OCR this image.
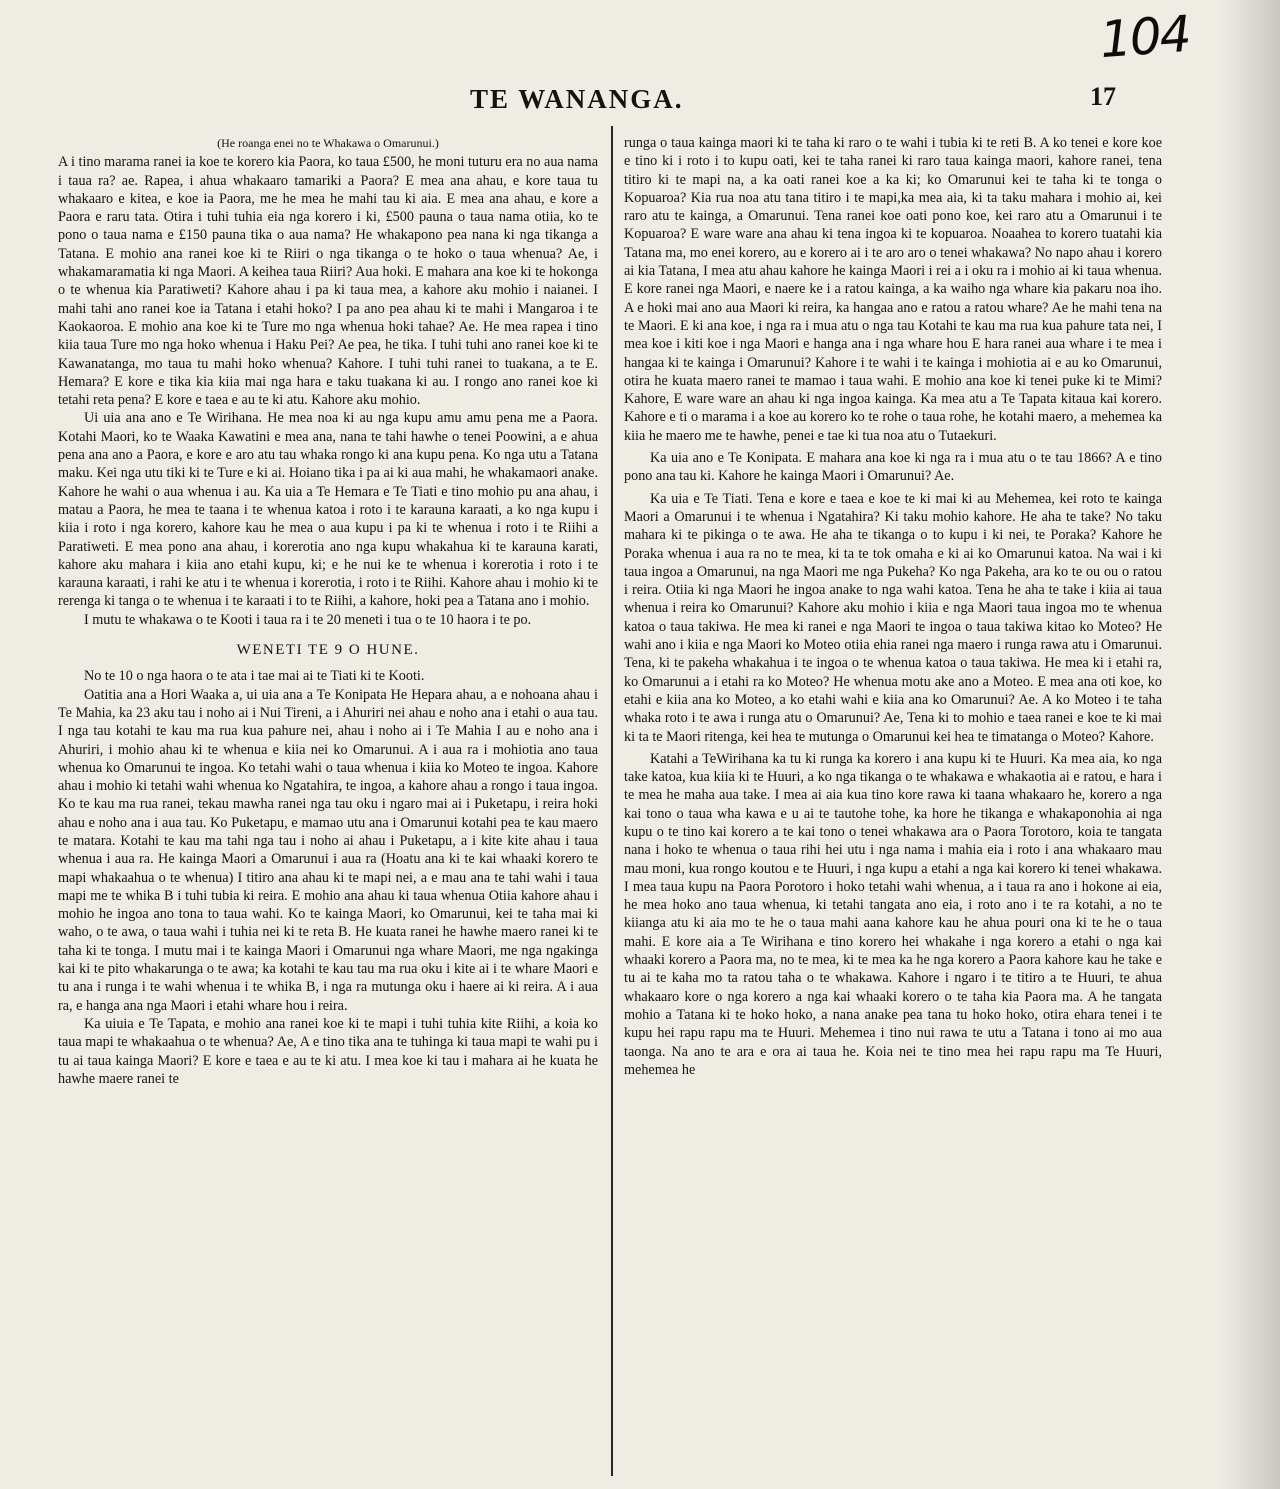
104
TE WANANGA.	17

(He roanga enei no te Whakawa o Omarunui.)

A i tino marama ranei ia koe te korero kia Paora, ko taua £500, he moni tuturu era no aua nama i taua ra? ae. Rapea, i ahua whakaaro tamariki a Paora? E mea ana ahau, e kore taua tu whakaaro e kitea, e koe ia Paora, me he mea he mahi tau ki aia. E mea ana ahau, e kore a Paora e raru tata. Otira i tuhi tuhia eia nga korero i ki, £500 pauna o taua nama otiia, ko te pono o taua nama e £150 pauna tika o aua nama? He whakapono pea nana ki nga tikanga a Tatana. E mohio ana ranei koe ki te Riiri o nga tikanga o te hoko o taua whenua? Ae, i whakamaramatia ki nga Maori. A keihea taua Riiri? Aua hoki. E mahara ana koe ki te hokonga o te whenua kia Paratiweti? Kahore ahau i pa ki taua mea, a kahore aku mohio i naianei. I mahi tahi ano ranei koe ia Tatana i etahi hoko? I pa ano pea ahau ki te mahi i Mangaroa i te Kaokaoroa. E mohio ana koe ki te Ture mo nga whenua hoki tahae? Ae. He mea rapea i tino kiia taua Ture mo nga hoko whenua i Haku Pei? Ae pea, he tika. I tuhi tuhi ano ranei koe ki te Kawanatanga, mo taua tu mahi hoko whenua? Kahore. I tuhi tuhi ranei to tuakana, a te E. Hemara? E kore e tika kia kiia mai nga hara e taku tuakana ki au. I rongo ano ranei koe ki tetahi reta pena? E kore e taea e au te ki atu. Kahore aku mohio.

Ui uia ana ano e Te Wirihana. He mea noa ki au nga kupu amu amu pena me a Paora. Kotahi Maori, ko te Waaka Kawatini e mea ana, nana te tahi hawhe o tenei Poowini, a e ahua pena ana ano a Paora, e kore e aro atu tau whaka rongo ki ana kupu pena. Ko nga utu a Tatana maku. Kei nga utu tiki ki te Ture e ki ai. Hoiano tika i pa ai ki aua mahi, he whakamaori anake. Kahore he wahi o aua whenua i au. Ka uia a Te Hemara e Te Tiati e tino mohio pu ana ahau, i matau a Paora, he mea te taana i te whenua katoa i roto i te karauna karaati, a ko nga kupu i kiia i roto i nga korero, kahore kau he mea o aua kupu i pa ki te whenua i roto i te Riihi a Paratiweti. E mea pono ana ahau, i korerotia ano nga kupu whakahua ki te karauna karati, kahore aku mahara i kiia ano etahi kupu, ki; e he nui ke te whenua i korerotia i roto i te karauna karaati, i rahi ke atu i te whenua i korerotia, i roto i te Riihi. Kahore ahau i mohio ki te rerenga ki tanga o te whenua i te karaati i to te Riihi, a kahore, hoki pea a Tatana ano i mohio.

I mutu te whakawa o te Kooti i taua ra i te 20 meneti i tua o te 10 haora i te po.

WENETI TE 9 O HUNE.

No te 10 o nga haora o te ata i tae mai ai te Tiati ki te Kooti.

Oatitia ana a Hori Waaka a, ui uia ana a Te Konipata He Hepara ahau, a e nohoana ahau i Te Mahia, ka 23 aku tau i noho ai i Nui Tireni, a i Ahuriri nei ahau e noho ana i etahi o aua tau. I nga tau kotahi te kau ma rua kua pahure nei, ahau i noho ai i Te Mahia I au e noho ana i Ahuriri, i mohio ahau ki te whenua e kiia nei ko Omarunui. A i aua ra i mohiotia ano taua whenua ko Omarunui te ingoa. Ko tetahi wahi o taua whenua i kiia ko Moteo te ingoa. Kahore ahau i mohio ki tetahi wahi whenua ko Ngatahira, te ingoa, a kahore ahau a rongo i taua ingoa. Ko te kau ma rua ranei, tekau mawha ranei nga tau oku i ngaro mai ai i Puketapu, i reira hoki ahau e noho ana i aua tau. Ko Puketapu, e mamao utu ana i Omarunui kotahi pea te kau maero te matara. Kotahi te kau ma tahi nga tau i noho ai ahau i Puketapu, a i kite kite ahau i taua whenua i aua ra. He kainga Maori a Omarunui i aua ra (Hoatu ana ki te kai whaaki korero te mapi whakaahua o te whenua) I titiro ana ahau ki te mapi nei, a e mau ana te tahi wahi i taua mapi me te whika B i tuhi tubia ki reira. E mohio ana ahau ki taua whenua Otiia kahore ahau i mohio he ingoa ano tona to taua wahi. Ko te kainga Maori, ko Omarunui, kei te taha mai ki waho, o te awa, o taua wahi i tuhia nei ki te reta B. He kuata ranei he hawhe maero ranei ki te taha ki te tonga. I mutu mai i te kainga Maori i Omarunui nga whare Maori, me nga ngakinga kai ki te pito whakarunga o te awa; ka kotahi te kau tau ma rua oku i kite ai i te whare Maori e tu ana i runga i te wahi whenua i te whika B, i nga ra mutunga oku i haere ai ki reira. A i aua ra, e hanga ana nga Maori i etahi whare hou i reira.

Ka uiuia e Te Tapata, e mohio ana ranei koe ki te mapi i tuhi tuhia kite Riihi, a koia ko taua mapi te whakaahua o te whenua? Ae, A e tino tika ana te tuhinga ki taua mapi te wahi pu i tu ai taua kainga Maori? E kore e taea e au te ki atu. I mea koe ki tau i mahara ai he kuata he hawhe maere ranei te

runga o taua kainga maori ki te taha ki raro o te wahi i tubia ki te reti B. A ko tenei e kore koe e tino ki i roto i to kupu oati, kei te taha ranei ki raro taua kainga maori, kahore ranei, tena titiro ki te mapi na, a ka oati ranei koe a ka ki; ko Omarunui kei te taha ki te tonga o Kopuaroa? Kia rua noa atu tana titiro i te mapi,ka mea aia, ki ta taku mahara i mohio ai, kei raro atu te kainga, a Omarunui. Tena ranei koe oati pono koe, kei raro atu a Omarunui i te Kopuaroa? E ware ware ana ahau ki tena ingoa ki te kopuaroa. Noaahea to korero tuatahi kia Tatana ma, mo enei korero, au e korero ai i te aro aro o tenei whakawa? No napo ahau i korero ai kia Tatana, I mea atu ahau kahore he kainga Maori i rei a i oku ra i mohio ai ki taua whenua. E kore ranei nga Maori, e naere ke i a ratou kainga, a ka waiho nga whare kia pakaru noa iho. A e hoki mai ano aua Maori ki reira, ka hangaa ano e ratou a ratou whare? Ae he mahi tena na te Maori. E ki ana koe, i nga ra i mua atu o nga tau Kotahi te kau ma rua kua pahure tata nei, I mea koe i kiti koe i nga Maori e hanga ana i nga whare hou E hara ranei aua whare i te mea i hangaa ki te kainga i Omarunui? Kahore i te wahi i te kainga i mohiotia ai e au ko Omarunui, otira he kuata maero ranei te mamao i taua wahi. E mohio ana koe ki tenei puke ki te Mimi? Kahore, E ware ware an ahau ki nga ingoa kainga. Ka mea atu a Te Tapata kitaua kai korero. Kahore e ti o marama i a koe au korero ko te rohe o taua rohe, he kotahi maero, a mehemea ka kiia he maero me te hawhe, penei e tae ki tua noa atu o Tutaekuri.

Ka uia ano e Te Konipata. E mahara ana koe ki nga ra i mua atu o te tau 1866? A e tino pono ana tau ki. Kahore he kainga Maori i Omarunui? Ae.

Ka uia e Te Tiati. Tena e kore e taea e koe te ki mai ki au Mehemea, kei roto te kainga Maori a Omarunui i te whenua i Ngatahira? Ki taku mohio kahore. He aha te take? No taku mahara ki te pikinga o te awa. He aha te tikanga o to kupu i ki nei, te Poraka? Kahore he Poraka whenua i aua ra no te mea, ki ta te tok omaha e ki ai ko Omarunui katoa. Na wai i ki taua ingoa a Omarunui, na nga Maori me nga Pukeha? Ko nga Pakeha, ara ko te ou ou o ratou i reira. Otiia ki nga Maori he ingoa anake to nga wahi katoa. Tena he aha te take i kiia ai taua whenua i reira ko Omarunui? Kahore aku mohio i kiia e nga Maori taua ingoa mo te whenua katoa o taua takiwa. He mea ki ranei e nga Maori te ingoa o taua takiwa kitao ko Moteo? He wahi ano i kiia e nga Maori ko Moteo otiia ehia ranei nga maero i runga rawa atu i Omarunui. Tena, ki te pakeha whakahua i te ingoa o te whenua katoa o taua takiwa. He mea ki i etahi ra, ko Omarunui a i etahi ra ko Moteo? He whenua motu ake ano a Moteo. E mea ana oti koe, ko etahi e kiia ana ko Moteo, a ko etahi wahi e kiia ana ko Omarunui? Ae. A ko Moteo i te taha whaka roto i te awa i runga atu o Omarunui? Ae, Tena ki to mohio e taea ranei e koe te ki mai ki ta te Maori ritenga, kei hea te mutunga o Omarunui kei hea te timatanga o Moteo? Kahore.

Katahi a TeWirihana ka tu ki runga ka korero i ana kupu ki te Huuri. Ka mea aia, ko nga take katoa, kua kiia ki te Huuri, a ko nga tikanga o te whakawa e whakaotia ai e ratou, e hara i te mea he maha aua take. I mea ai aia kua tino kore rawa ki taana whakaaro he, korero a nga kai tono o taua wha kawa e u ai te tautohe tohe, ka hore he tikanga e whakaponohia ai nga kupu o te tino kai korero a te kai tono o tenei whakawa ara o Paora Torotoro, koia te tangata nana i hoko te whenua o taua rihi hei utu i nga nama i mahia eia i roto i ana whakaaro mau mau moni, kua rongo koutou e te Huuri, i nga kupu a etahi a nga kai korero ki tenei whakawa. I mea taua kupu na Paora Porotoro i hoko tetahi wahi whenua, a i taua ra ano i hokone ai eia, he mea hoko ano taua whenua, ki tetahi tangata ano eia, i roto ano i te ra kotahi, a no te kiianga atu ki aia mo te he o taua mahi aana kahore kau he ahua pouri ona ki te he o taua mahi. E kore aia a Te Wirihana e tino korero hei whakahe i nga korero a etahi o nga kai whaaki korero a Paora ma, no te mea, ki te mea ka he nga korero a Paora kahore kau he take e tu ai te kaha mo ta ratou taha o te whakawa. Kahore i ngaro i te titiro a te Huuri, te ahua whakaaro kore o nga korero a nga kai whaaki korero o te taha kia Paora ma. A he tangata mohio a Tatana ki te hoko hoko, a nana anake pea tana tu hoko hoko, otira ehara tenei i te kupu hei rapu rapu ma te Huuri. Mehemea i tino nui rawa te utu a Tatana i tono ai mo aua taonga. Na ano te ara e ora ai taua he. Koia nei te tino mea hei rapu rapu ma Te Huuri, mehemea he
